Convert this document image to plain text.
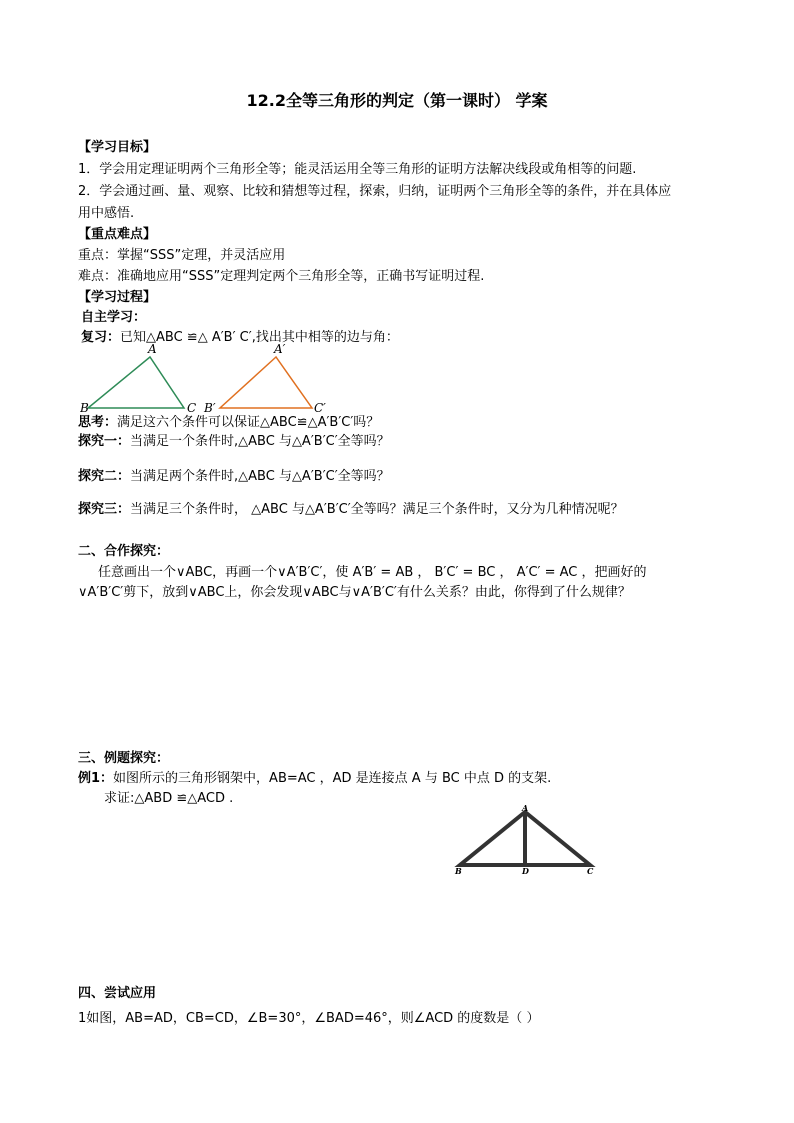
12.2全等三角形的判定（第一课时） 学案
【学习目标】
1．学会用定理证明两个三角形全等；能灵活运用全等三角形的证明方法解决线段或角相等的问题.
2．学会通过画、量、观察、比较和猜想等过程，探索，归纳，证明两个三角形全等的条件，并在具体应
用中感悟.
【重点难点】
重点：掌握“SSS”定理，并灵活应用
难点：准确地应用“SSS”定理判定两个三角形全等，正确书写证明过程.
【学习过程】
自主学习：
复习：已知△ABC ≌△ A′B′ C′,找出其中相等的边与角：
A
B	C
A′
B′	C′
思考：满足这六个条件可以保证△ABC≌△A′B′C′吗？
探究一：当满足一个条件时,△ABC 与△A′B′C′全等吗？
探究二：当满足两个条件时,△ABC 与△A′B′C′全等吗？
探究三：当满足三个条件时， △ABC 与△A′B′C′全等吗？满足三个条件时，又分为几种情况呢？
二、合作探究：
任意画出一个∨ABC，再画一个∨A′B′C′，使 A′B′ = AB ， B′C′ = BC ， A′C′ = AC ，把画好的
∨A′B′C′剪下，放到∨ABC上，你会发现∨ABC与∨A′B′C′有什么关系？由此，你得到了什么规律？
三、例题探究：
例1：如图所示的三角形钢架中，AB=AC ，AD 是连接点 A 与 BC 中点 D 的支架.
求证:△ABD ≌△ACD .
A
B	D	C
四、尝试应用
1如图，AB=AD，CB=CD，∠B=30°，∠BAD=46°，则∠ACD 的度数是（ ）
